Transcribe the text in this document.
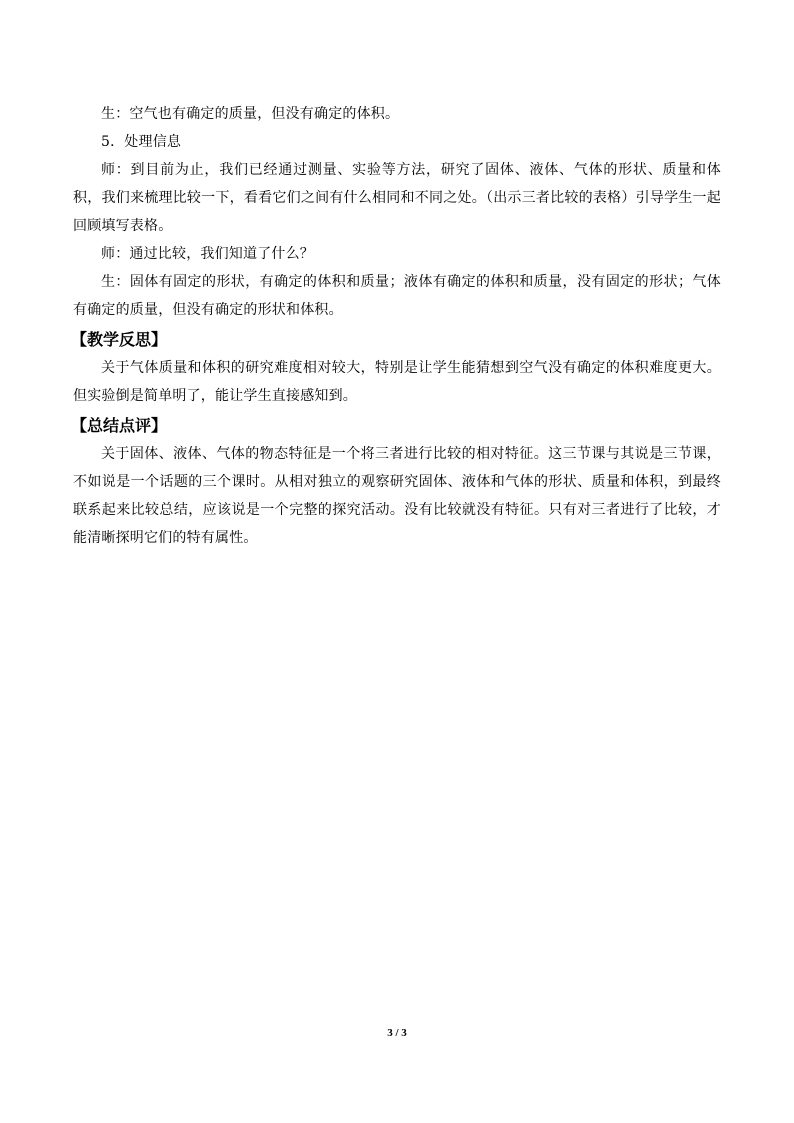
生：空气也有确定的质量，但没有确定的体积。

5．处理信息

师：到目前为止，我们已经通过测量、实验等方法，研究了固体、液体、气体的形状、质量和体积，我们来梳理比较一下，看看它们之间有什么相同和不同之处。（出示三者比较的表格）引导学生一起回顾填写表格。

师：通过比较，我们知道了什么？

生：固体有固定的形状，有确定的体积和质量；液体有确定的体积和质量，没有固定的形状；气体有确定的质量，但没有确定的形状和体积。

【教学反思】

关于气体质量和体积的研究难度相对较大，特别是让学生能猜想到空气没有确定的体积难度更大。但实验倒是简单明了，能让学生直接感知到。

【总结点评】

关于固体、液体、气体的物态特征是一个将三者进行比较的相对特征。这三节课与其说是三节课，不如说是一个话题的三个课时。从相对独立的观察研究固体、液体和气体的形状、质量和体积，到最终联系起来比较总结，应该说是一个完整的探究活动。没有比较就没有特征。只有对三者进行了比较，才能清晰探明它们的特有属性。

3 / 3
